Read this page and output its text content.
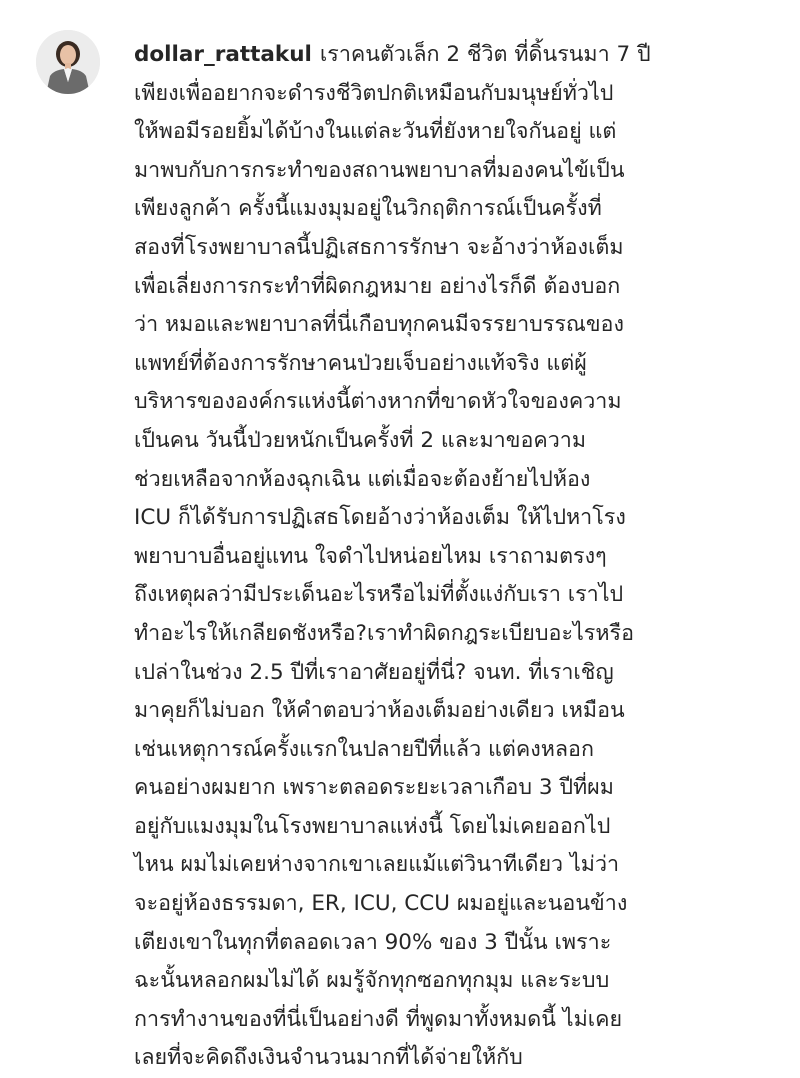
dollar_rattakul เราคนตัวเล็ก 2 ชีวิต ที่ดิ้นรนมา 7 ปี
เพียงเพื่ออยากจะดำรงชีวิตปกติเหมือนกับมนุษย์ทั่วไป
ให้พอมีรอยยิ้มได้บ้างในแต่ละวันที่ยังหายใจกันอยู่ แต่
มาพบกับการกระทำของสถานพยาบาลที่มองคนไข้เป็น
เพียงลูกค้า ครั้งนี้แมงมุมอยู่ในวิกฤติการณ์เป็นครั้งที่
สองที่โรงพยาบาลนี้ปฏิเสธการรักษา จะอ้างว่าห้องเต็ม
เพื่อเลี่ยงการกระทำที่ผิดกฎหมาย อย่างไรก็ดี ต้องบอก
ว่า หมอและพยาบาลที่นี่เกือบทุกคนมีจรรยาบรรณของ
แพทย์ที่ต้องการรักษาคนป่วยเจ็บอย่างแท้จริง แต่ผู้
บริหารขององค์กรแห่งนี้ต่างหากที่ขาดหัวใจของความ
เป็นคน วันนี้ป่วยหนักเป็นครั้งที่ 2 และมาขอความ
ช่วยเหลือจากห้องฉุกเฉิน แต่เมื่อจะต้องย้ายไปห้อง
ICU ก็ได้รับการปฏิเสธโดยอ้างว่าห้องเต็ม ให้ไปหาโรง
พยาบาบอื่นอยู่แทน ใจดำไปหน่อยไหม เราถามตรงๆ
ถึงเหตุผลว่ามีประเด็นอะไรหรือไม่ที่ตั้งแง่กับเรา เราไป
ทำอะไรให้เกลียดชังหรือ?เราทำผิดกฎระเบียบอะไรหรือ
เปล่าในช่วง 2.5 ปีที่เราอาศัยอยู่ที่นี่? จนท. ที่เราเชิญ
มาคุยก็ไม่บอก ให้คำตอบว่าห้องเต็มอย่างเดียว เหมือน
เช่นเหตุการณ์ครั้งแรกในปลายปีที่แล้ว แต่คงหลอก
คนอย่างผมยาก เพราะตลอดระยะเวลาเกือบ 3 ปีที่ผม
อยู่กับแมงมุมในโรงพยาบาลแห่งนี้ โดยไม่เคยออกไป
ไหน ผมไม่เคยห่างจากเขาเลยแม้แต่วินาทีเดียว ไม่ว่า
จะอยู่ห้องธรรมดา, ER, ICU, CCU ผมอยู่และนอนข้าง
เตียงเขาในทุกที่ตลอดเวลา 90% ของ 3 ปีนั้น เพราะ
ฉะนั้นหลอกผมไม่ได้ ผมรู้จักทุกซอกทุกมุม และระบบ
การทำงานของที่นี่เป็นอย่างดี ที่พูดมาทั้งหมดนี้ ไม่เคย
เลยที่จะคิดถึงเงินจำนวนมากที่ได้จ่ายให้กับ
